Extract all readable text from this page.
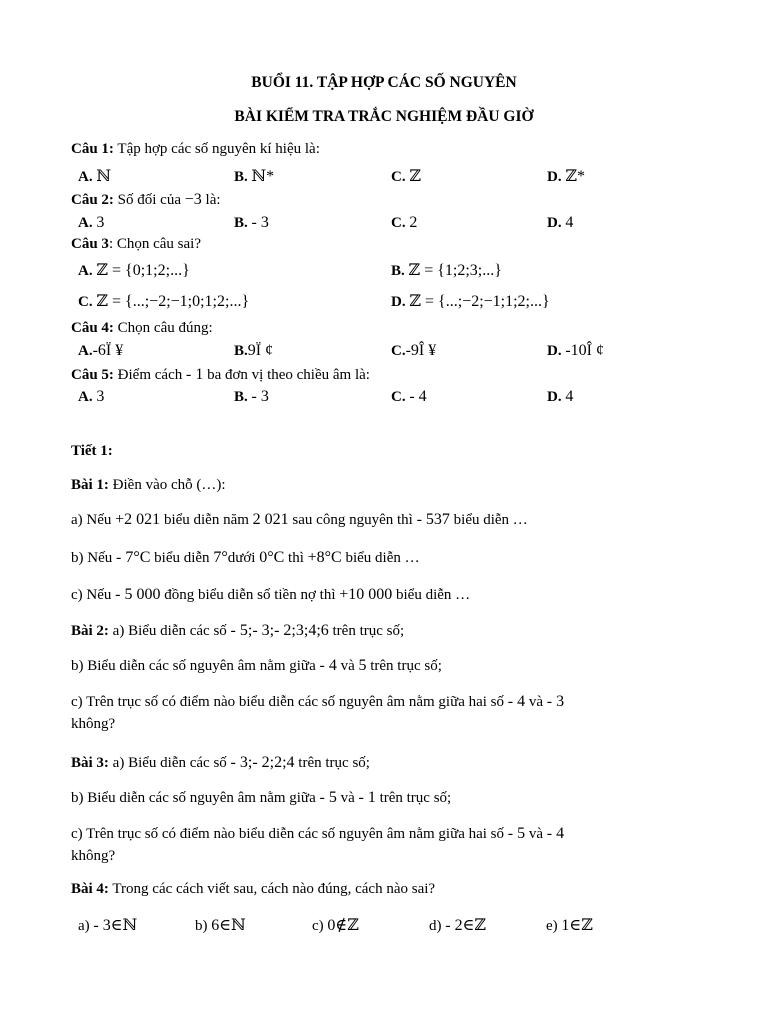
BUỔI 11. TẬP HỢP CÁC SỐ NGUYÊN
BÀI KIỂM TRA TRẮC NGHIỆM ĐẦU GIỜ
Câu 1: Tập hợp các số nguyên kí hiệu là:
A. ℕ	B. ℕ*	C. ℤ	D. ℤ*
Câu 2: Số đối của −3 là:
A. 3	B. - 3	C. 2	D. 4
Câu 3: Chọn câu sai?
A. ℤ = {0;1;2;...}	B. ℤ = {1;2;3;...}
C. ℤ = {...;−2;−1;0;1;2;...}	D. ℤ = {...;−2;−1;1;2;...}
Câu 4: Chọn câu đúng:
A.-6Ï ¥	B.9Ï ¢	C.-9Î ¥	D. -10Î ¢
Câu 5: Điểm cách - 1 ba đơn vị theo chiều âm là:
A. 3	B. - 3	C. - 4	D. 4
Tiết 1:
Bài 1: Điền vào chỗ (…):
a) Nếu +2 021 biểu diễn năm 2 021 sau công nguyên thì - 537 biểu diễn …
b) Nếu - 7°C biểu diễn 7°dưới 0°C thì +8°C biểu diễn …
c) Nếu - 5 000 đồng biểu diễn số tiền nợ thì +10 000 biểu diễn …
Bài 2: a) Biểu diễn các số - 5;- 3;- 2;3;4;6 trên trục số;
b) Biểu diễn các số nguyên âm nằm giữa - 4 và 5 trên trục số;
c) Trên trục số có điểm nào biểu diễn các số nguyên âm nằm giữa hai số - 4 và - 3
không?
Bài 3: a) Biểu diễn các số - 3;- 2;2;4 trên trục số;
b) Biểu diễn các số nguyên âm nằm giữa - 5 và - 1 trên trục số;
c) Trên trục số có điểm nào biểu diễn các số nguyên âm nằm giữa hai số - 5 và - 4
không?
Bài 4: Trong các cách viết sau, cách nào đúng, cách nào sai?
a) - 3∈ℕ	b) 6∈ℕ	c) 0∉ℤ	d) - 2∈ℤ	e) 1∈ℤ
